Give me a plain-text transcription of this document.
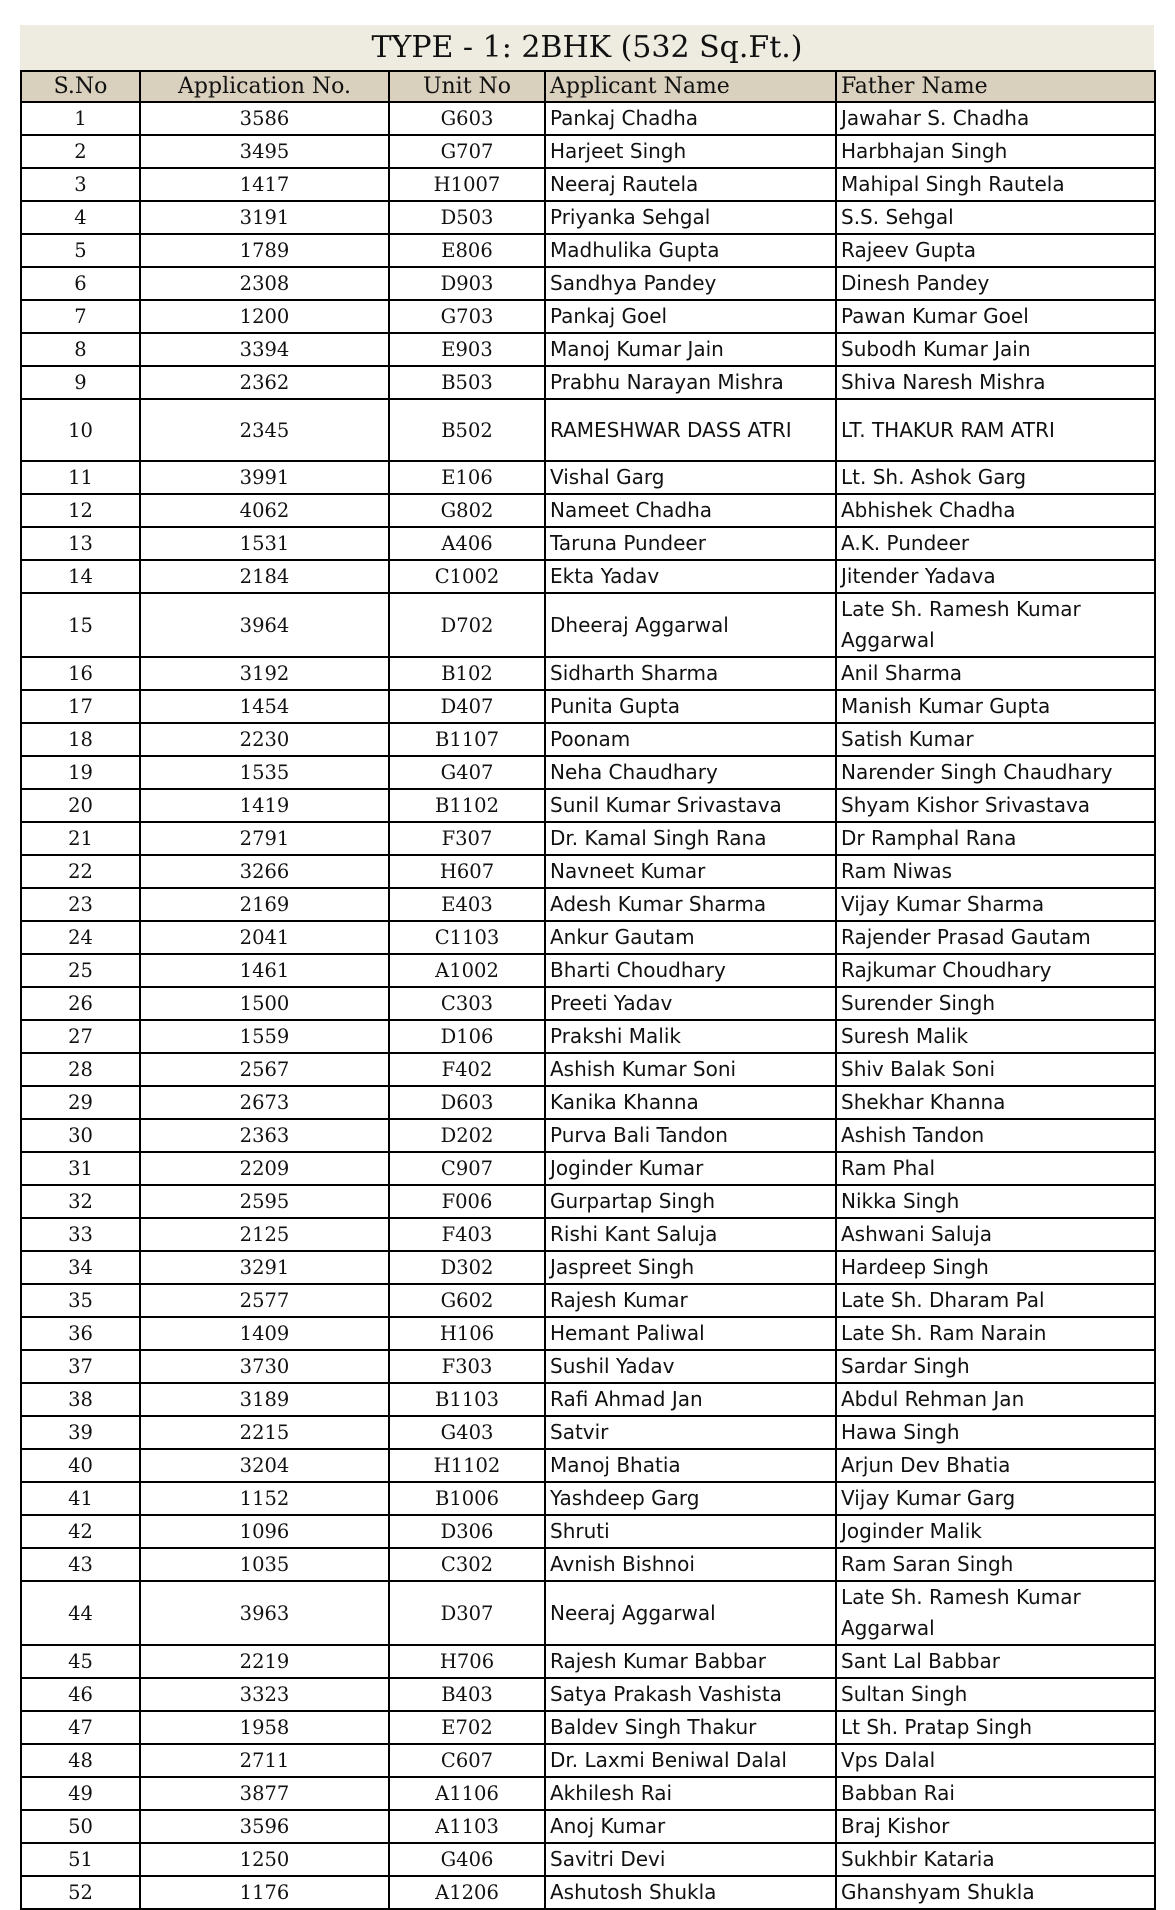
TYPE - 1: 2BHK (532 Sq.Ft.)
S.No	Application No.	Unit No	Applicant Name	Father Name
1	3586	G603	Pankaj Chadha	Jawahar S. Chadha
2	3495	G707	Harjeet Singh	Harbhajan Singh
3	1417	H1007	Neeraj Rautela	Mahipal Singh Rautela
4	3191	D503	Priyanka Sehgal	S.S. Sehgal
5	1789	E806	Madhulika Gupta	Rajeev Gupta
6	2308	D903	Sandhya Pandey	Dinesh Pandey
7	1200	G703	Pankaj Goel	Pawan Kumar Goel
8	3394	E903	Manoj Kumar Jain	Subodh Kumar Jain
9	2362	B503	Prabhu Narayan Mishra	Shiva Naresh Mishra
10	2345	B502	RAMESHWAR DASS ATRI	LT. THAKUR RAM ATRI
11	3991	E106	Vishal Garg	Lt. Sh. Ashok Garg
12	4062	G802	Nameet Chadha	Abhishek Chadha
13	1531	A406	Taruna Pundeer	A.K. Pundeer
14	2184	C1002	Ekta Yadav	Jitender Yadava
15	3964	D702	Dheeraj Aggarwal	Late Sh. Ramesh Kumar Aggarwal
16	3192	B102	Sidharth Sharma	Anil Sharma
17	1454	D407	Punita Gupta	Manish Kumar Gupta
18	2230	B1107	Poonam	Satish Kumar
19	1535	G407	Neha Chaudhary	Narender Singh Chaudhary
20	1419	B1102	Sunil Kumar Srivastava	Shyam Kishor Srivastava
21	2791	F307	Dr. Kamal Singh Rana	Dr Ramphal Rana
22	3266	H607	Navneet Kumar	Ram Niwas
23	2169	E403	Adesh Kumar Sharma	Vijay Kumar Sharma
24	2041	C1103	Ankur Gautam	Rajender Prasad Gautam
25	1461	A1002	Bharti Choudhary	Rajkumar Choudhary
26	1500	C303	Preeti Yadav	Surender Singh
27	1559	D106	Prakshi Malik	Suresh Malik
28	2567	F402	Ashish Kumar Soni	Shiv Balak Soni
29	2673	D603	Kanika Khanna	Shekhar Khanna
30	2363	D202	Purva Bali Tandon	Ashish Tandon
31	2209	C907	Joginder Kumar	Ram Phal
32	2595	F006	Gurpartap Singh	Nikka Singh
33	2125	F403	Rishi Kant Saluja	Ashwani Saluja
34	3291	D302	Jaspreet Singh	Hardeep Singh
35	2577	G602	Rajesh Kumar	Late Sh. Dharam Pal
36	1409	H106	Hemant Paliwal	Late Sh. Ram Narain
37	3730	F303	Sushil Yadav	Sardar Singh
38	3189	B1103	Rafi Ahmad Jan	Abdul Rehman Jan
39	2215	G403	Satvir	Hawa Singh
40	3204	H1102	Manoj Bhatia	Arjun Dev Bhatia
41	1152	B1006	Yashdeep Garg	Vijay Kumar Garg
42	1096	D306	Shruti	Joginder Malik
43	1035	C302	Avnish Bishnoi	Ram Saran Singh
44	3963	D307	Neeraj Aggarwal	Late Sh. Ramesh Kumar Aggarwal
45	2219	H706	Rajesh Kumar Babbar	Sant Lal Babbar
46	3323	B403	Satya Prakash Vashista	Sultan Singh
47	1958	E702	Baldev Singh Thakur	Lt Sh. Pratap Singh
48	2711	C607	Dr. Laxmi Beniwal Dalal	Vps Dalal
49	3877	A1106	Akhilesh Rai	Babban Rai
50	3596	A1103	Anoj Kumar	Braj Kishor
51	1250	G406	Savitri Devi	Sukhbir Kataria
52	1176	A1206	Ashutosh Shukla	Ghanshyam Shukla
